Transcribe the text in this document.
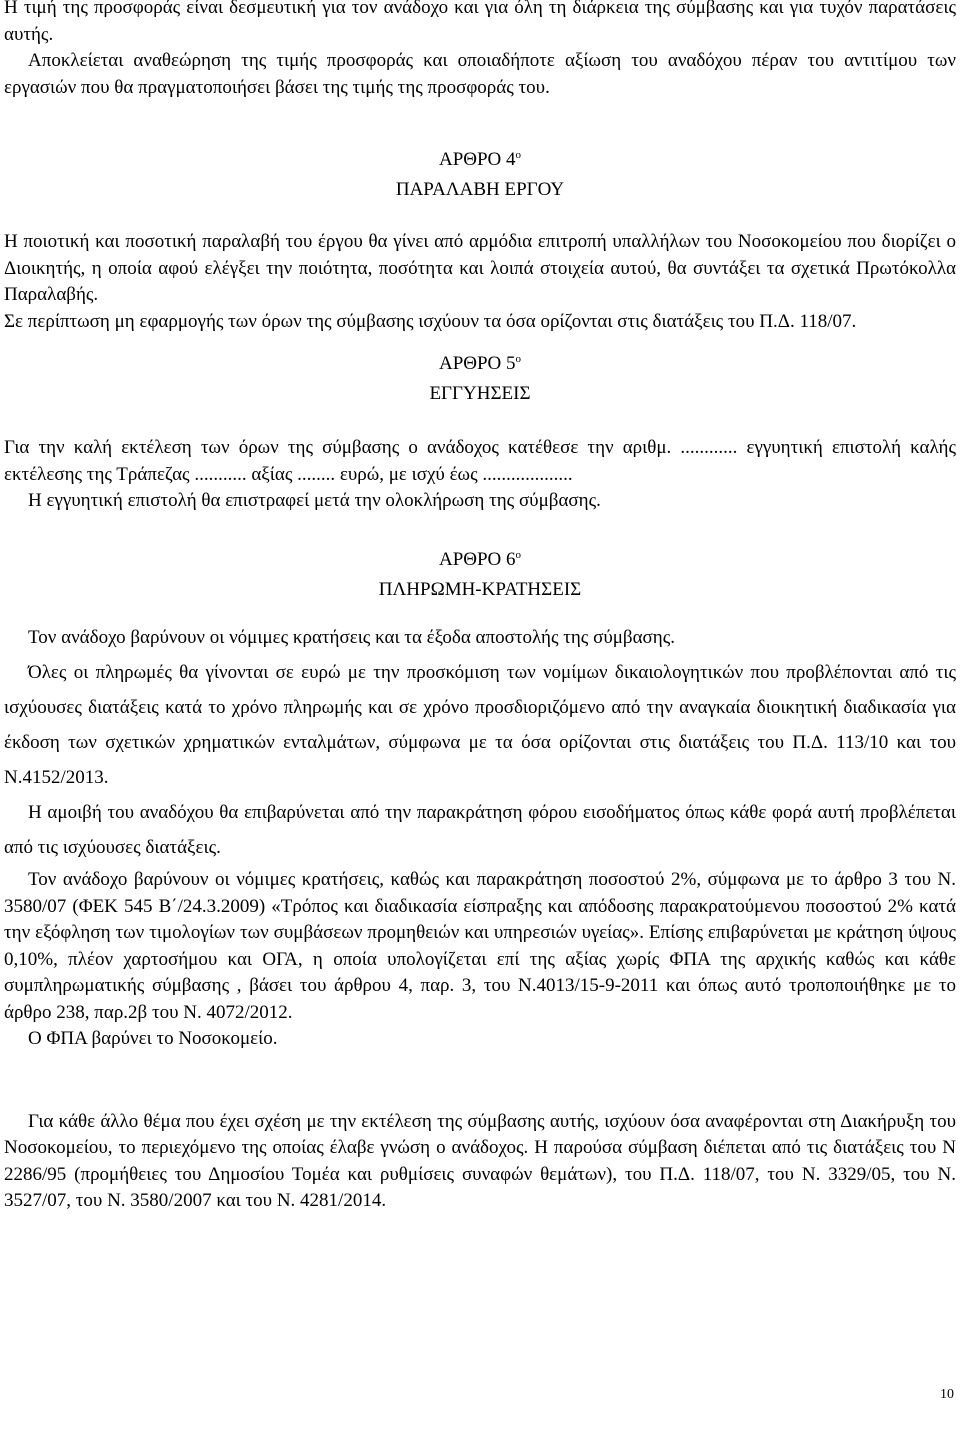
Η τιμή της προσφοράς είναι δεσμευτική για τον ανάδοχο και για όλη τη διάρκεια της σύμβασης και για τυχόν παρατάσεις αυτής.

Αποκλείεται αναθεώρηση της τιμής προσφοράς και οποιαδήποτε αξίωση του αναδόχου πέραν του αντιτίμου των εργασιών που θα πραγματοποιήσει βάσει της τιμής της προσφοράς του.

ΑΡΘΡΟ $4^o$
ΠΑΡΑΛΑΒΗ ΕΡΓΟΥ

Η ποιοτική και ποσοτική παραλαβή του έργου θα γίνει από αρμόδια επιτροπή υπαλλήλων του Νοσοκομείου που διορίζει ο Διοικητής, η οποία αφού ελέγξει την ποιότητα, ποσότητα και λοιπά στοιχεία αυτού, θα συντάξει τα σχετικά Πρωτόκολλα Παραλαβής.

Σε περίπτωση μη εφαρμογής των όρων της σύμβασης ισχύουν τα όσα ορίζονται στις διατάξεις του Π.Δ. 118/07.

ΑΡΘΡΟ $5^o$
ΕΓΓΥΗΣΕΙΣ

Για την καλή εκτέλεση των όρων της σύμβασης ο ανάδοχος κατέθεσε την αριθμ. ............ εγγυητική επιστολή καλής εκτέλεσης της Τράπεζας ........... αξίας ........ ευρώ, με ισχύ έως ...................

Η εγγυητική επιστολή θα επιστραφεί μετά την ολοκλήρωση της σύμβασης.

ΑΡΘΡΟ $6^o$
ΠΛΗΡΩΜΗ-ΚΡΑΤΗΣΕΙΣ

Τον ανάδοχο βαρύνουν οι νόμιμες κρατήσεις και τα έξοδα αποστολής της σύμβασης.

Όλες οι πληρωμές θα γίνονται σε ευρώ με την προσκόμιση των νομίμων δικαιολογητικών που προβλέπονται από τις ισχύουσες διατάξεις κατά το χρόνο πληρωμής και σε χρόνο προσδιοριζόμενο από την αναγκαία διοικητική διαδικασία για έκδοση των σχετικών χρηματικών ενταλμάτων, σύμφωνα με τα όσα ορίζονται στις διατάξεις του Π.Δ. 113/10 και του Ν.4152/2013.

Η αμοιβή του αναδόχου θα επιβαρύνεται από την παρακράτηση φόρου εισοδήματος όπως κάθε φορά αυτή προβλέπεται από τις ισχύουσες διατάξεις.

Τον ανάδοχο βαρύνουν οι νόμιμες κρατήσεις, καθώς και παρακράτηση ποσοστού 2%, σύμφωνα με το άρθρο 3 του Ν. 3580/07 (ΦΕΚ 545 Β΄/24.3.2009) «Τρόπος και διαδικασία είσπραξης και απόδοσης παρακρατούμενου ποσοστού 2% κατά την εξόφληση των τιμολογίων των συμβάσεων προμηθειών και υπηρεσιών υγείας». Επίσης επιβαρύνεται με κράτηση ύψους 0,10%, πλέον χαρτοσήμου και ΟΓΑ, η οποία υπολογίζεται επί της αξίας χωρίς ΦΠΑ της αρχικής καθώς και κάθε συμπληρωματικής σύμβασης , βάσει του άρθρου 4, παρ. 3, του Ν.4013/15-9-2011 και όπως αυτό τροποποιήθηκε με το άρθρο 238, παρ.2β του Ν. 4072/2012.

Ο ΦΠΑ βαρύνει το Νοσοκομείο.

Για κάθε άλλο θέμα που έχει σχέση με την εκτέλεση της σύμβασης αυτής, ισχύουν όσα αναφέρονται στη Διακήρυξη του Νοσοκομείου, το περιεχόμενο της οποίας έλαβε γνώση ο ανάδοχος. Η παρούσα σύμβαση διέπεται από τις διατάξεις του Ν 2286/95 (προμήθειες του Δημοσίου Τομέα και ρυθμίσεις συναφών θεμάτων), του Π.Δ. 118/07, του Ν. 3329/05, του Ν. 3527/07, του Ν. 3580/2007 και του Ν. 4281/2014.

10
